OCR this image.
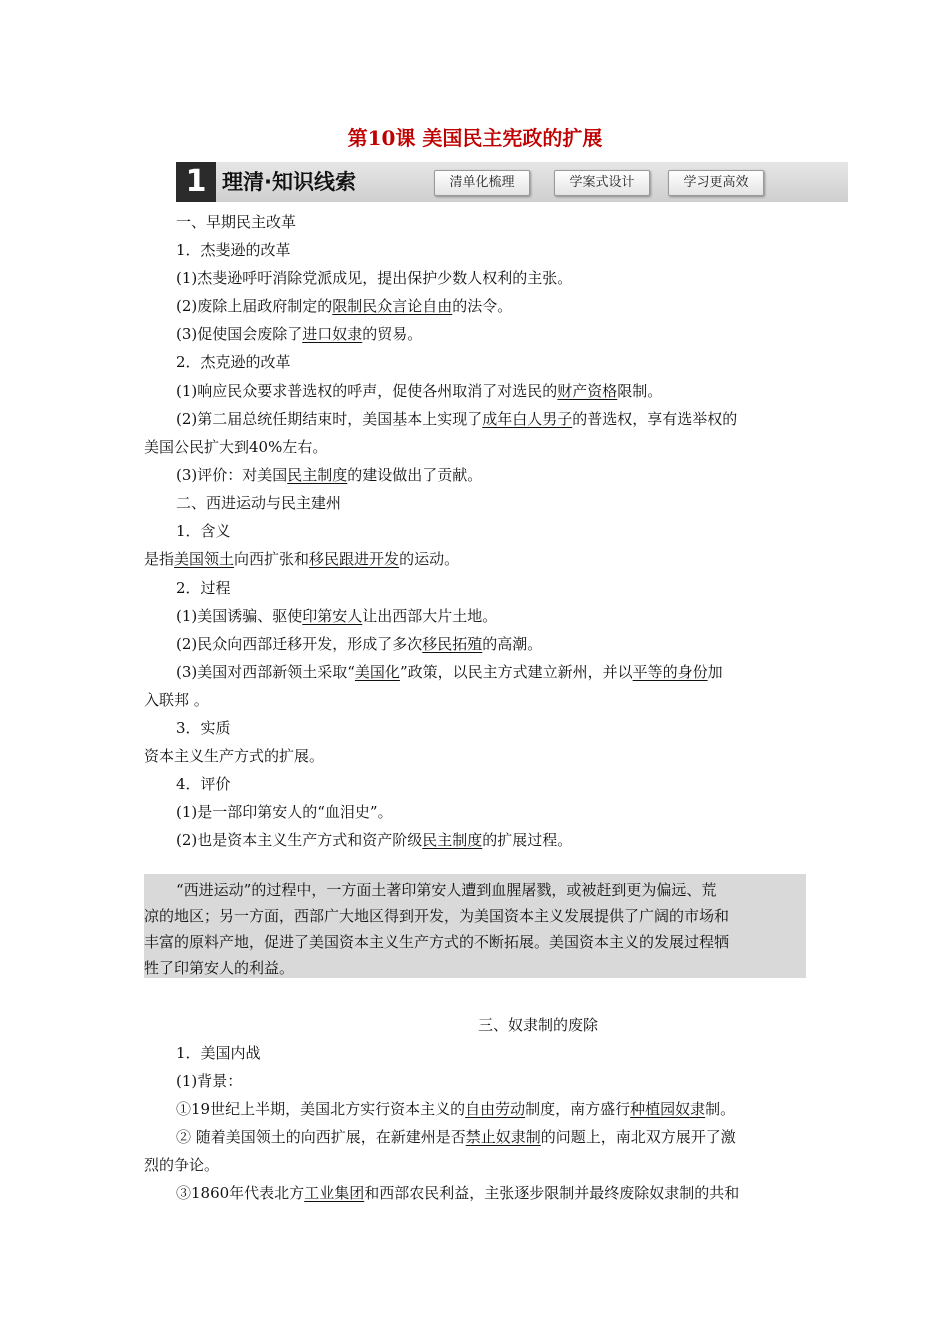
第10课 美国民主宪政的扩展
1 理清·知识线索	清单化梳理	学案式设计	学习更高效
一、早期民主改革
1．杰斐逊的改革
(1)杰斐逊呼吁消除党派成见，提出保护少数人权利的主张。
(2)废除上届政府制定的限制民众言论自由的法令。
(3)促使国会废除了进口奴隶的贸易。
2．杰克逊的改革
(1)响应民众要求普选权的呼声，促使各州取消了对选民的财产资格限制。
(2)第二届总统任期结束时，美国基本上实现了成年白人男子的普选权，享有选举权的
美国公民扩大到40%左右。
(3)评价：对美国民主制度的建设做出了贡献。
二、西进运动与民主建州
1．含义
是指美国领土向西扩张和移民跟进开发的运动。
2．过程
(1)美国诱骗、驱使印第安人让出西部大片土地。
(2)民众向西部迁移开发，形成了多次移民拓殖的高潮。
(3)美国对西部新领土采取“美国化”政策，以民主方式建立新州，并以平等的身份加
入联邦 。
3．实质
资本主义生产方式的扩展。
4．评价
(1)是一部印第安人的“血泪史”。
(2)也是资本主义生产方式和资产阶级民主制度的扩展过程。
“西进运动”的过程中，一方面土著印第安人遭到血腥屠戮，或被赶到更为偏远、荒
凉的地区；另一方面，西部广大地区得到开发，为美国资本主义发展提供了广阔的市场和
丰富的原料产地，促进了美国资本主义生产方式的不断拓展。美国资本主义的发展过程牺
牲了印第安人的利益。
三、奴隶制的废除
1．美国内战
(1)背景：
①19世纪上半期，美国北方实行资本主义的自由劳动制度，南方盛行种植园奴隶制。
② 随着美国领土的向西扩展，在新建州是否禁止奴隶制的问题上，南北双方展开了激
烈的争论。
③1860年代表北方工业集团和西部农民利益，主张逐步限制并最终废除奴隶制的共和
